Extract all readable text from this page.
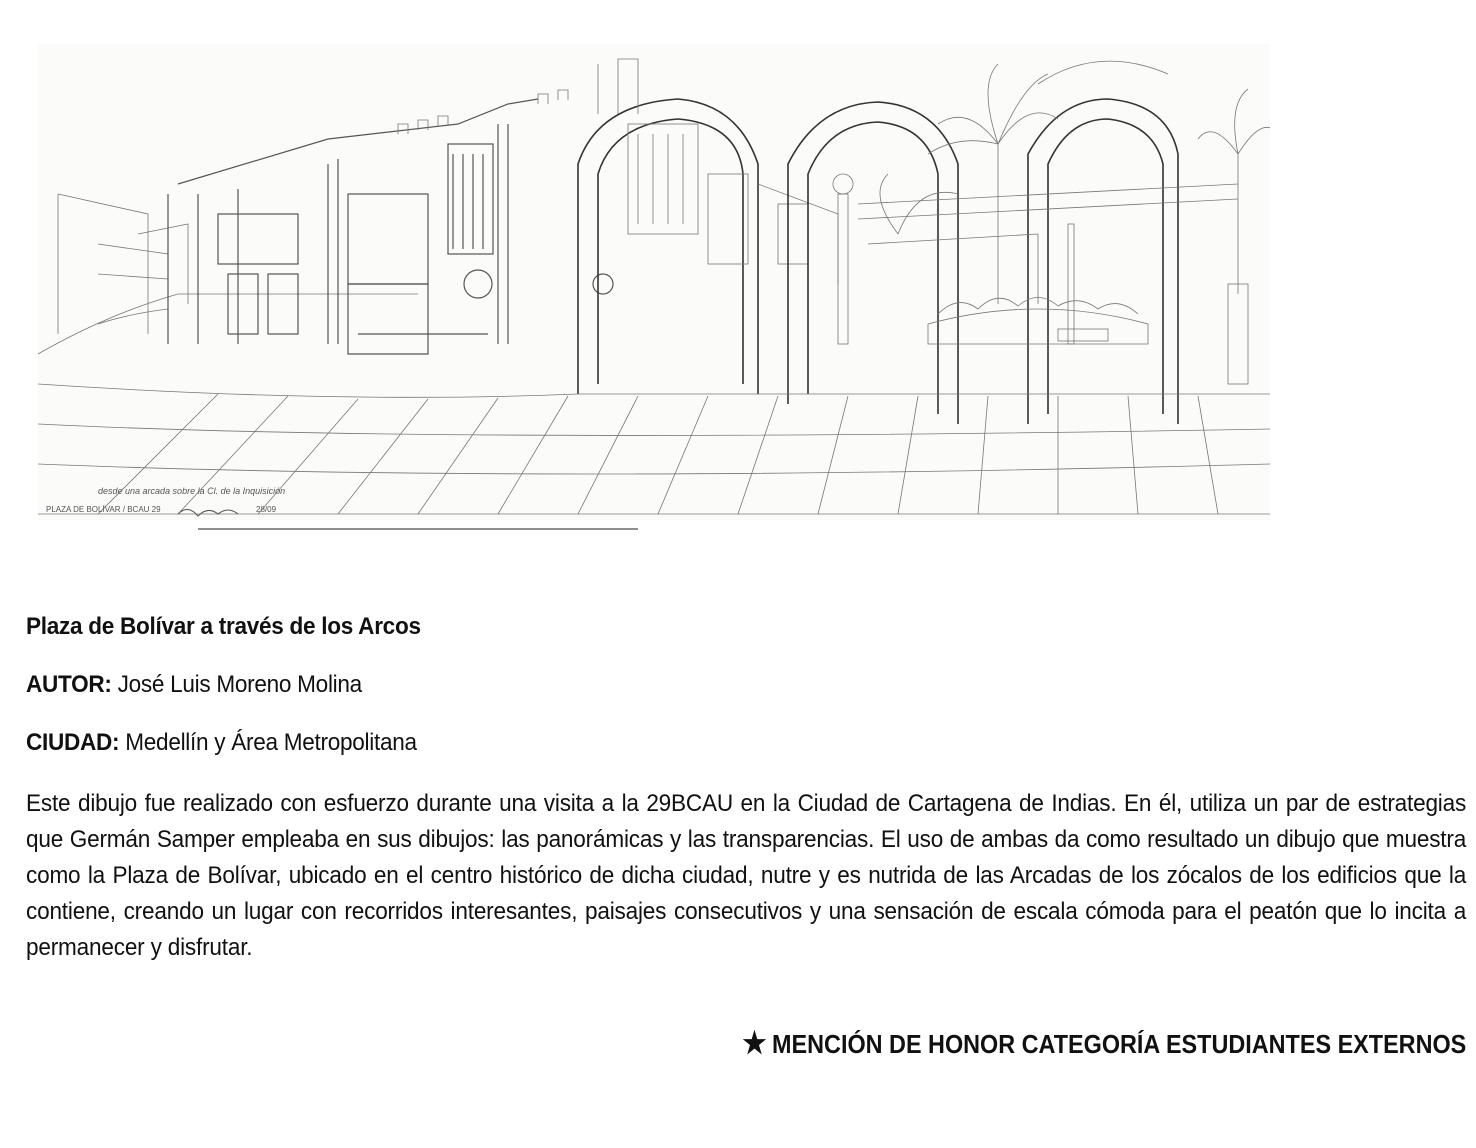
desde una arcada sobre la Cl. de la Inquisición
PLAZA DE BOLÍVAR / BCAU 29	28/09
Plaza de Bolívar a través de los Arcos
AUTOR: José Luis Moreno Molina
CIUDAD: Medellín y Área Metropolitana
Este dibujo fue realizado con esfuerzo durante una visita a la 29BCAU en la Ciudad de Cartagena de Indias. En él, utiliza un par de estrategias que Germán Samper empleaba en sus dibujos: las panorámicas y las transparencias. El uso de ambas da como resultado un dibujo que muestra como la Plaza de Bolívar, ubicado en el centro histórico de dicha ciudad, nutre y es nutrida de las Arcadas de los zócalos de los edificios que la contiene, creando un lugar con recorridos interesantes, paisajes consecutivos y una sensación de escala cómoda para el peatón que lo incita a permanecer y disfrutar.
★ MENCIÓN DE HONOR CATEGORÍA ESTUDIANTES EXTERNOS
